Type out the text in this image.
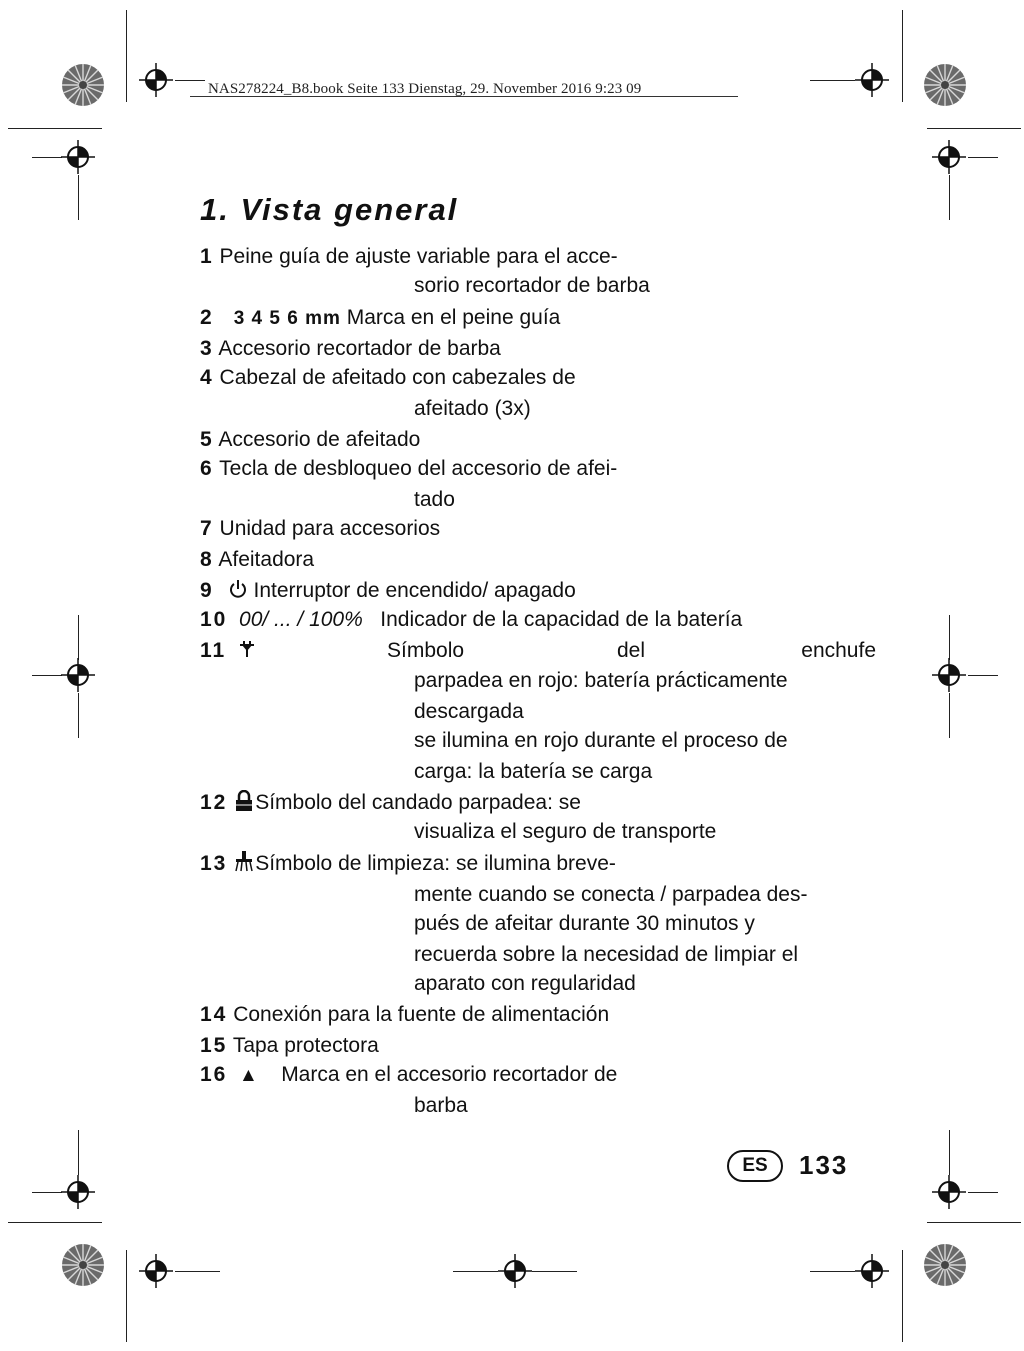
NAS278224_B8.book Seite 133 Dienstag, 29. November 2016 9:23 09
1. Vista general
1 Peine guía de ajuste variable para el acce-
sorio recortador de barba
2 3 4 5 6 mm Marca en el peine guía
3 Accesorio recortador de barba
4 Cabezal de afeitado con cabezales de
afeitado (3x)
5 Accesorio de afeitado
6 Tecla de desbloqueo del accesorio de afei-
tado
7 Unidad para accesorios
8 Afeitadora
9 Interruptor de encendido/ apagado
10 00/ ... / 100% Indicador de la capacidad de la batería
11	Símbolo	del	enchufe
parpadea en rojo: batería prácticamente
descargada
se ilumina en rojo durante el proceso de
carga: la batería se carga
12 Símbolo del candado parpadea: se
visualiza el seguro de transporte
13 Símbolo de limpieza: se ilumina breve-
mente cuando se conecta / parpadea des-
pués de afeitar durante 30 minutos y
recuerda sobre la necesidad de limpiar el
aparato con regularidad
14 Conexión para la fuente de alimentación
15 Tapa protectora
16 ▲ Marca en el accesorio recortador de
barba
ES	133
